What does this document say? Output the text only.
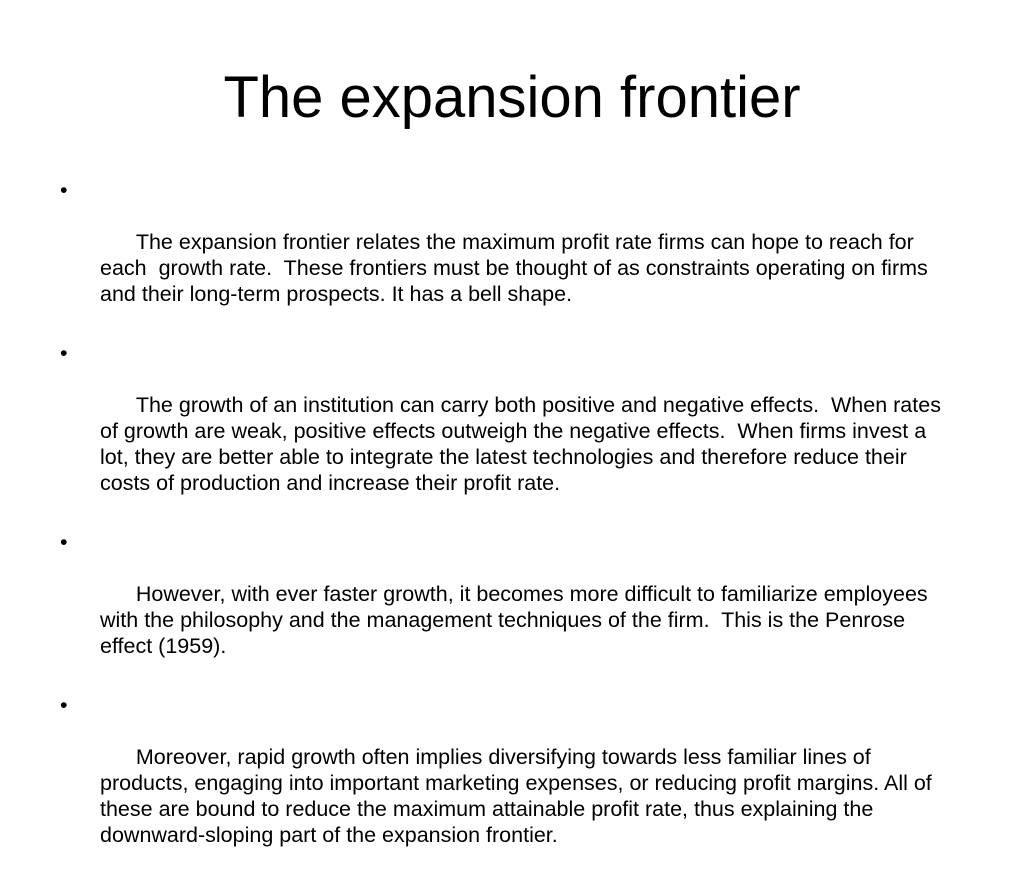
The expansion frontier

•

The expansion frontier relates the maximum profit rate firms can hope to reach for each  growth rate.  These frontiers must be thought of as constraints operating on firms and their long-term prospects. It has a bell shape.

•

The growth of an institution can carry both positive and negative effects.  When rates of growth are weak, positive effects outweigh the negative effects.  When firms invest a lot, they are better able to integrate the latest technologies and therefore reduce their costs of production and increase their profit rate.

•

However, with ever faster growth, it becomes more difficult to familiarize employees with the philosophy and the management techniques of the firm.  This is the Penrose effect (1959).

•

Moreover, rapid growth often implies diversifying towards less familiar lines of products, engaging into important marketing expenses, or reducing profit margins. All of these are bound to reduce the maximum attainable profit rate, thus explaining the downward-sloping part of the expansion frontier.
